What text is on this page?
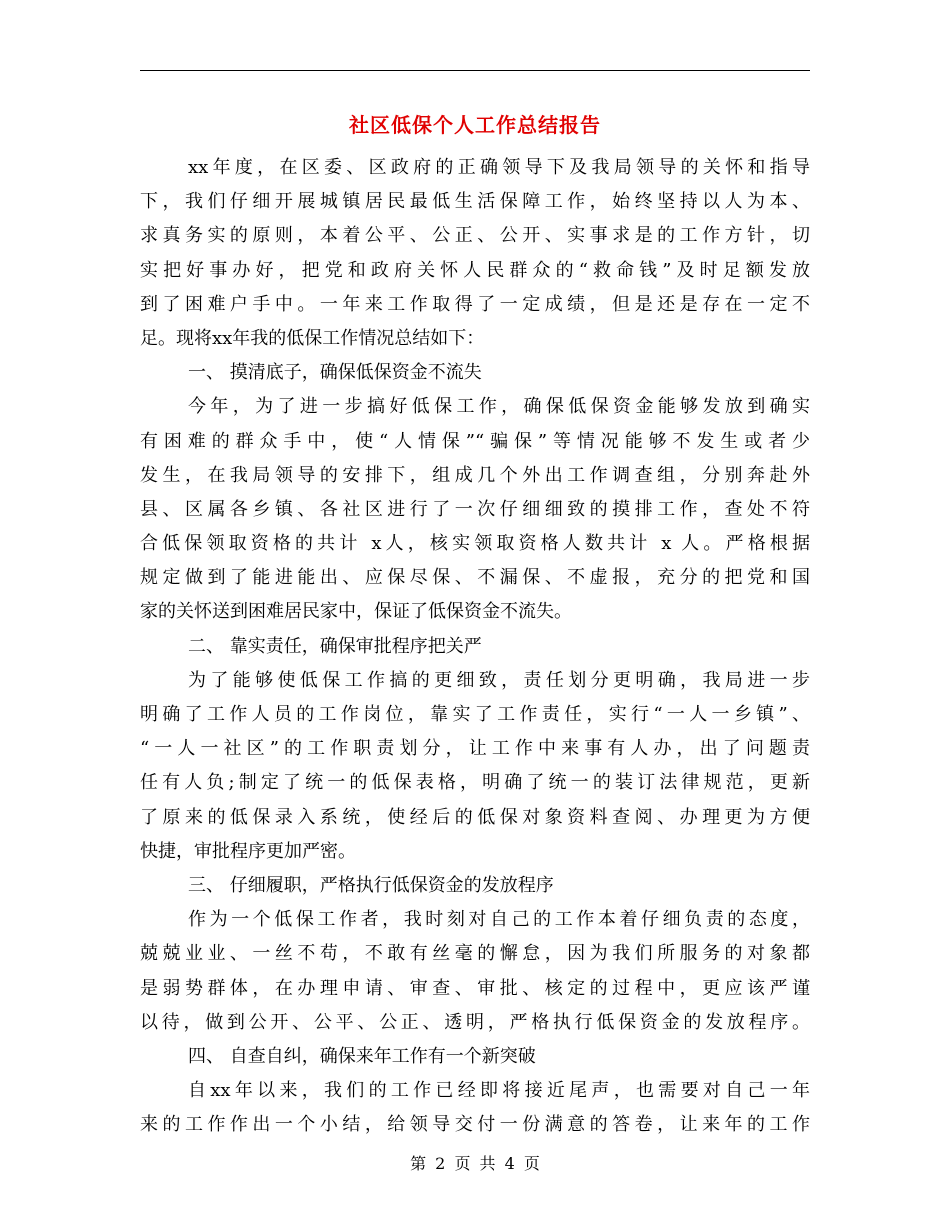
社区低保个人工作总结报告
xx年度，在区委、区政府的正确领导下及我局领导的关怀和指导
下，我们仔细开展城镇居民最低生活保障工作，始终坚持以人为本、
求真务实的原则，本着公平、公正、公开、实事求是的工作方针，切
实把好事办好，把党和政府关怀人民群众的“救命钱”及时足额发放
到了困难户手中。一年来工作取得了一定成绩，但是还是存在一定不
足。现将xx年我的低保工作情况总结如下：
一、 摸清底子，确保低保资金不流失
今年，为了进一步搞好低保工作，确保低保资金能够发放到确实
有困难的群众手中，使“人情保”“骗保”等情况能够不发生或者少
发生，在我局领导的安排下，组成几个外出工作调查组，分别奔赴外
县、区属各乡镇、各社区进行了一次仔细细致的摸排工作，查处不符
合低保领取资格的共计 x人，核实领取资格人数共计 x 人。严格根据
规定做到了能进能出、应保尽保、不漏保、不虚报，充分的把党和国
家的关怀送到困难居民家中，保证了低保资金不流失。
二、 靠实责任，确保审批程序把关严
为了能够使低保工作搞的更细致，责任划分更明确，我局进一步
明确了工作人员的工作岗位，靠实了工作责任，实行“一人一乡镇”、
“一人一社区”的工作职责划分，让工作中来事有人办，出了问题责
任有人负;制定了统一的低保表格，明确了统一的装订法律规范，更新
了原来的低保录入系统，使经后的低保对象资料查阅、办理更为方便
快捷，审批程序更加严密。
三、 仔细履职，严格执行低保资金的发放程序
作为一个低保工作者，我时刻对自己的工作本着仔细负责的态度，
兢兢业业、一丝不苟，不敢有丝毫的懈怠，因为我们所服务的对象都
是弱势群体，在办理申请、审查、审批、核定的过程中，更应该严谨
以待，做到公开、公平、公正、透明，严格执行低保资金的发放程序。
四、 自查自纠，确保来年工作有一个新突破
自xx年以来，我们的工作已经即将接近尾声，也需要对自己一年
来的工作作出一个小结，给领导交付一份满意的答卷，让来年的工作
第 2 页 共 4 页
